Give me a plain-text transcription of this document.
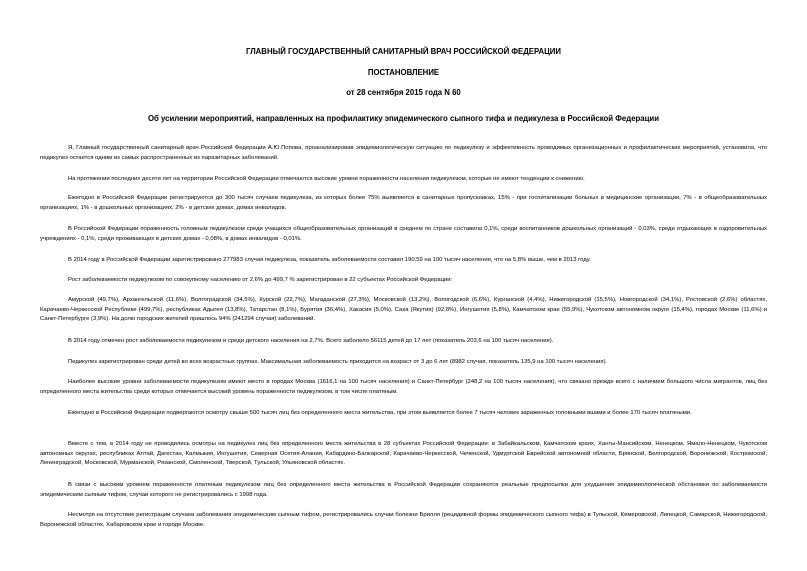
ГЛАВНЫЙ ГОСУДАРСТВЕННЫЙ САНИТАРНЫЙ ВРАЧ РОССИЙСКОЙ ФЕДЕРАЦИИ
ПОСТАНОВЛЕНИЕ
от 28 сентября 2015 года N 60
Об усилении мероприятий, направленных на профилактику эпидемического сыпного тифа и педикулеза в Российской Федерации

Я, Главный государственный санитарный врач Российской Федерации А.Ю.Попова, проанализировав эпидемиологическую ситуацию по педикулезу и эффективность проводимых организационных и профилактических мероприятий, установила, что педикулез остается одним из самых распространенных из паразитарных заболеваний.

На протяжении последних десяти лет на территории Российской Федерации отмечаются высокие уровни пораженности населения педикулезом, которые не имеют тенденции к снижению.

Ежегодно в Российской Федерации регистрируются до 300 тысяч случаев педикулеза, из которых более 75% выявляется в санитарных пропускниках, 15% - при госпитализации больных в медицинские организации, 7% - в общеобразовательных организациях, 1% - в дошкольных организациях, 2% - в детских домах, домах инвалидов.

В Российской Федерации пораженность головным педикулезом среди учащихся общеобразовательных организаций в среднем по стране составила 0,1%, среди воспитанников дошкольных организаций - 0,03%, среди отдыхающих в оздоровительных учреждениях - 0,1%, среди проживающих в детских домах - 0,08%, в домах инвалидов - 0,01%.

В 2014 году в Российской Федерации зарегистрировано 277983 случая педикулеза, показатель заболеваемости составил 190,59 на 100 тысяч населения, что на 5,8% выше, чем в 2013 году.

Рост заболеваемости педикулезом по совокупному населению от 2,6% до 499,7 % зарегистрирован в 22 субъектах Российской Федерации:

Амурской (49,7%), Архангельской (11,6%), Волгоградской (34,5%), Курской (22,7%), Магаданской (27,3%), Московской (13,2%), Вологодской (6,6%), Курганской (4,4%), Нижегородской (15,5%), Новгородской (34,1%), Ростовской (2,6%) областях, Карачаево-Черкесской Республике (499,7%), республиках Адыгея (13,8%), Татарстан (8,1%), Бурятия (36,4%), Хакасия (5,0%), Саха (Якутия) (92,8%), Ингушетия (5,8%), Камчатском крае (55,9%), Чукотском автономном округе (15,4%), городах Москве (11,6%) и Санкт-Петербурге (3,9%). На долю городских жителей пришлось 94% (241294 случая) заболеваний.

В 2014 году отмечен рост заболеваемости педикулезом и среди детского населения на 2,7%. Всего заболело 56115 детей до 17 лет (показатель 203,6 на 100 тысяч населения).

Педикулез зарегистрирован среди детей во всех возрастных группах. Максимальная заболеваемость приходится на возраст от 3 до 6 лет (8982 случая, показатель 135,9 на 100 тысяч населения).

Наиболее высокие уровни заболеваемости педикулезом имеют место в городах Москва (1616,1 на 100 тысяч населения) и Санкт-Петербург (248,2 на 100 тысяч населения), что связано прежде всего с наличием большого числа мигрантов, лиц без определенного места жительства среди которых отмечается высокий уровень пораженности педикулезом, в том числе платяным.

Ежегодно в Российской Федерации подвергаются осмотру свыше 500 тысяч лиц без определенного места жительства, при этом выявляется более 7 тысяч человек зараженных головными вшами и более 170 тысяч платяными.

Вместе с тем, в 2014 году не проводились осмотры на педикулез лиц без определенного места жительства в 28 субъектах Российской Федерации: в Забайкальском, Камчатском краях, Ханты-Мансийском, Ненецком, Ямало-Ненецком, Чукотском автономных округах, республиках Алтай, Дагестан, Калмыкия, Ингушетия, Северная Осетия-Алания, Кабардино-Балкарской, Карачаево-Черкесской, Чеченской, Удмуртской Еврейской автономной области, Брянской, Белгородской, Воронежской, Костромской, Ленинградской, Московской, Мурманской, Рязанской, Смоленской, Тверской, Тульской, Ульяновской областях.

В связи с высоким уровнем пораженности платяным педикулезом лиц без определенного места жительства в Российской Федерации сохраняются реальные предпосылки для ухудшения эпидемиологической обстановки по заболеваемости эпидемическим сыпным тифом, случаи которого не регистрировались с 1998 года.

Несмотря на отсутствие регистрации случаев заболевания эпидемическим сыпным тифом, регистрировались случаи болезни Брилля (рецидивной формы эпидемического сыпного тифа) в Тульской, Кемеровской, Липецкой, Самарской, Нижегородской, Воронежской областях, Хабаровском крае и городе Москве.
